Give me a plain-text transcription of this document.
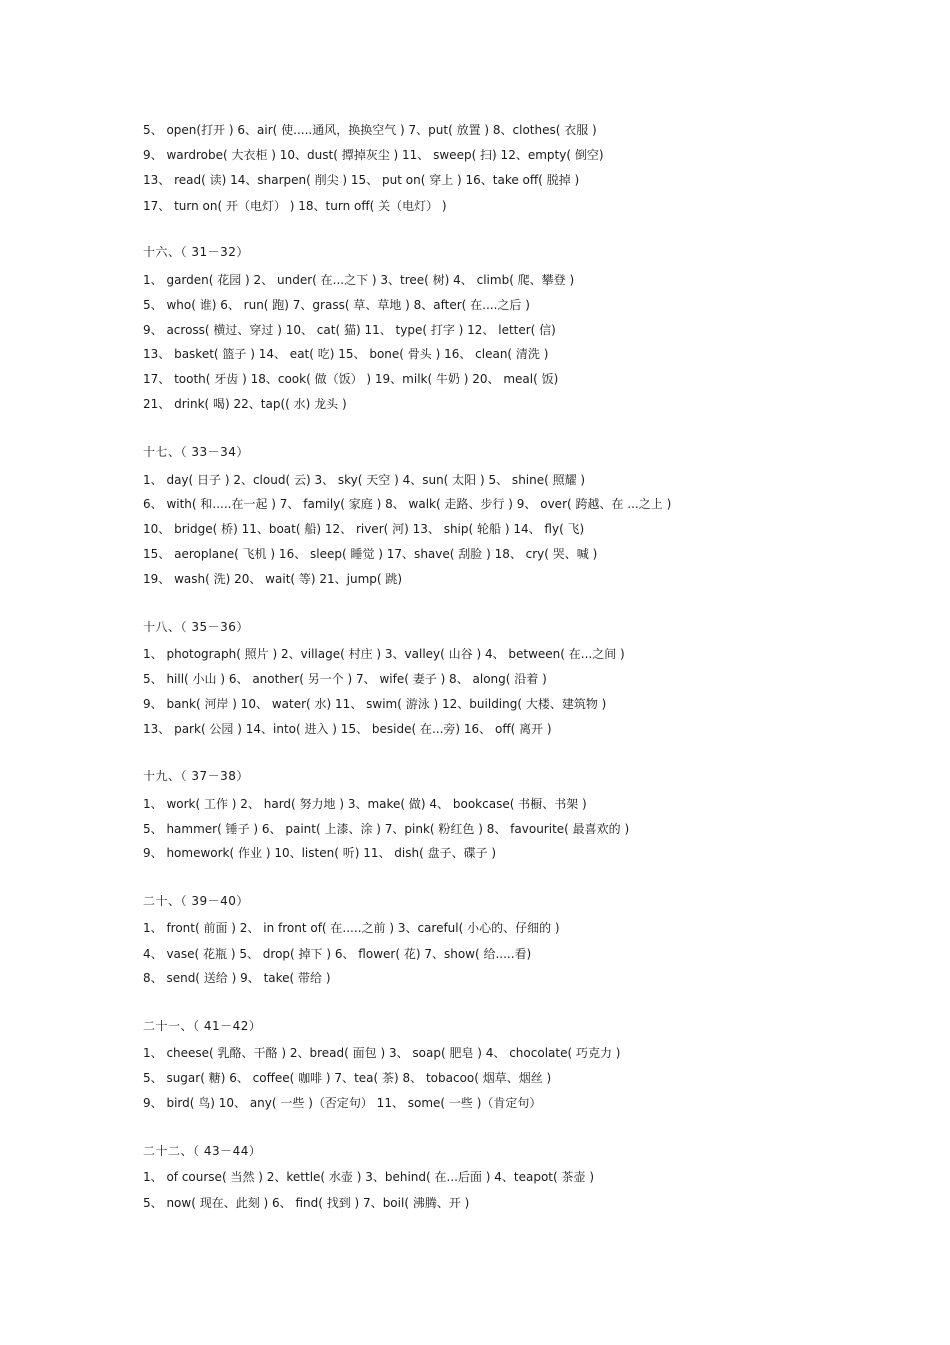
5、 open(打开 ) 6、air( 使.....通风，换换空气 ) 7、put( 放置 ) 8、clothes( 衣服 )
9、 wardrobe( 大衣柜 ) 10、dust( 撢掉灰尘 ) 11、 sweep( 扫) 12、empty( 倒空)
13、 read( 读) 14、sharpen( 削尖 ) 15、 put on( 穿上 ) 16、take off( 脱掉 )
17、 turn on( 开（电灯） ) 18、turn off( 关（电灯） )
十六、（ 31－32）
1、 garden( 花园 ) 2、 under( 在...之下 ) 3、tree( 树) 4、 climb( 爬、攀登 )
5、 who( 谁) 6、 run( 跑) 7、grass( 草、草地 ) 8、after( 在....之后 )
9、 across( 横过、穿过 ) 10、 cat( 猫) 11、 type( 打字 ) 12、 letter( 信)
13、 basket( 篮子 ) 14、 eat( 吃) 15、 bone( 骨头 ) 16、 clean( 清洗 )
17、 tooth( 牙齿 ) 18、cook( 做（饭） ) 19、milk( 牛奶 ) 20、 meal( 饭)
21、 drink( 喝) 22、tap(( 水) 龙头 )
十七、（ 33－34）
1、 day( 日子 ) 2、cloud( 云) 3、 sky( 天空 ) 4、sun( 太阳 ) 5、 shine( 照耀 )
6、 with( 和.....在一起 ) 7、 family( 家庭 ) 8、 walk( 走路、步行 ) 9、 over( 跨越、在 ...之上 )
10、 bridge( 桥) 11、boat( 船) 12、 river( 河) 13、 ship( 轮船 ) 14、 fly( 飞)
15、 aeroplane( 飞机 ) 16、 sleep( 睡觉 ) 17、shave( 刮脸 ) 18、 cry( 哭、喊 )
19、 wash( 洗) 20、 wait( 等) 21、jump( 跳)
十八、（ 35－36）
1、 photograph( 照片 ) 2、village( 村庄 ) 3、valley( 山谷 ) 4、 between( 在...之间 )
5、 hill( 小山 ) 6、 another( 另一个 ) 7、 wife( 妻子 ) 8、 along( 沿着 )
9、 bank( 河岸 ) 10、 water( 水) 11、 swim( 游泳 ) 12、building( 大楼、建筑物 )
13、 park( 公园 ) 14、into( 进入 ) 15、 beside( 在...旁) 16、 off( 离开 )
十九、（ 37－38）
1、 work( 工作 ) 2、 hard( 努力地 ) 3、make( 做) 4、 bookcase( 书橱、书架 )
5、 hammer( 锤子 ) 6、 paint( 上漆、涂 ) 7、pink( 粉红色 ) 8、 favourite( 最喜欢的 )
9、 homework( 作业 ) 10、listen( 听) 11、 dish( 盘子、碟子 )
二十、（ 39－40）
1、 front( 前面 ) 2、 in front of( 在.....之前 ) 3、careful( 小心的、仔细的 )
4、 vase( 花瓶 ) 5、 drop( 掉下 ) 6、 flower( 花) 7、show( 给.....看)
8、 send( 送给 ) 9、 take( 带给 )
二十一、（ 41－42）
1、 cheese( 乳酪、干酪 ) 2、bread( 面包 ) 3、 soap( 肥皂 ) 4、 chocolate( 巧克力 )
5、 sugar( 糖) 6、 coffee( 咖啡 ) 7、tea( 茶) 8、 tobacoo( 烟草、烟丝 )
9、 bird( 鸟) 10、 any( 一些 )（否定句） 11、 some( 一些 )（肯定句）
二十二、（ 43－44）
1、 of course( 当然 ) 2、kettle( 水壶 ) 3、behind( 在...后面 ) 4、teapot( 茶壶 )
5、 now( 现在、此刻 ) 6、 find( 找到 ) 7、boil( 沸腾、开 )
